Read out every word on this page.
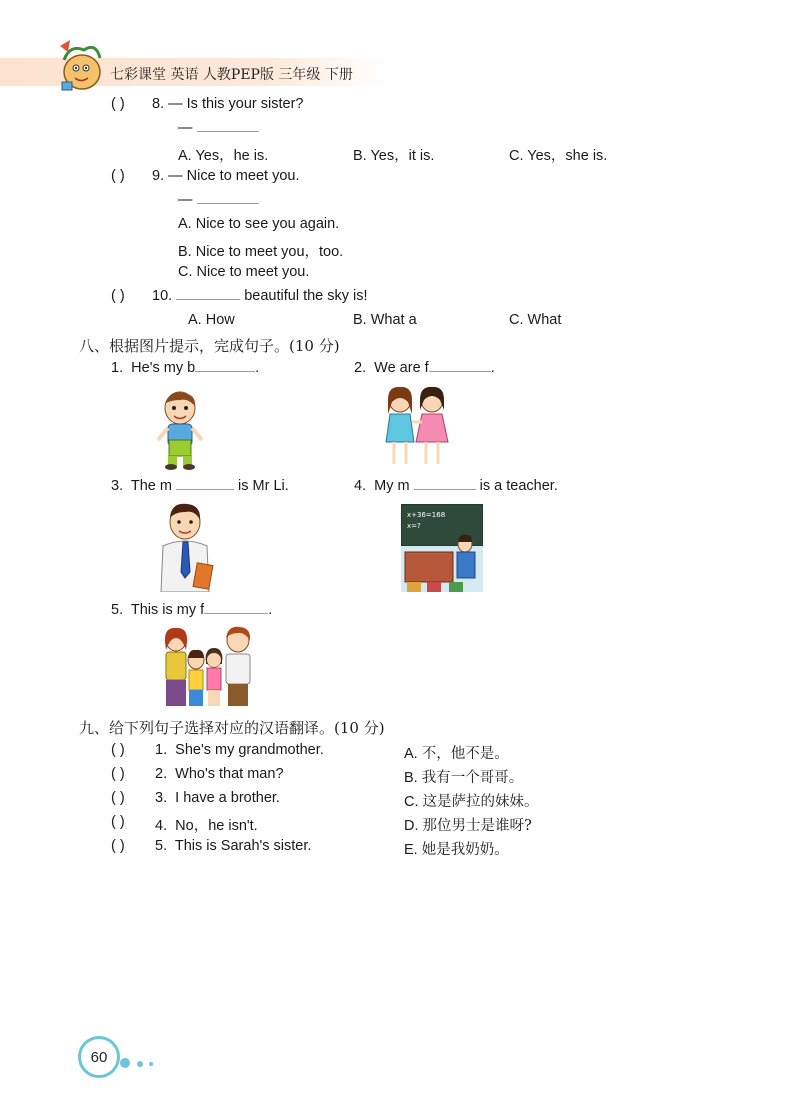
七彩课堂 英语 人教PEP版 三年级 下册
( ) 8. — Is this your sister?
—
A. Yes，he is.	B. Yes，it is.	C. Yes，she is.
( ) 9. — Nice to meet you.
—
A. Nice to see you again.
B. Nice to meet you，too.
C. Nice to meet you.
( ) 10.	beautiful the sky is!
A. How	B. What a	C. What
八、根据图片提示，完成句子。(10 分)
1. He's my b	.	2. We are f	.
3. The m	is Mr Li.	4. My m	is a teacher.
x+36=168
x=?
5. This is my f	.
九、给下列句子选择对应的汉语翻译。(10 分)
( ) 1. She's my grandmother.	A. 不，他不是。
( ) 2. Who's that man?	B. 我有一个哥哥。
( ) 3. I have a brother.	C. 这是萨拉的妹妹。
( ) 4. No，he isn't.	D. 那位男士是谁呀?
( ) 5. This is Sarah's sister.	E. 她是我奶奶。
60
